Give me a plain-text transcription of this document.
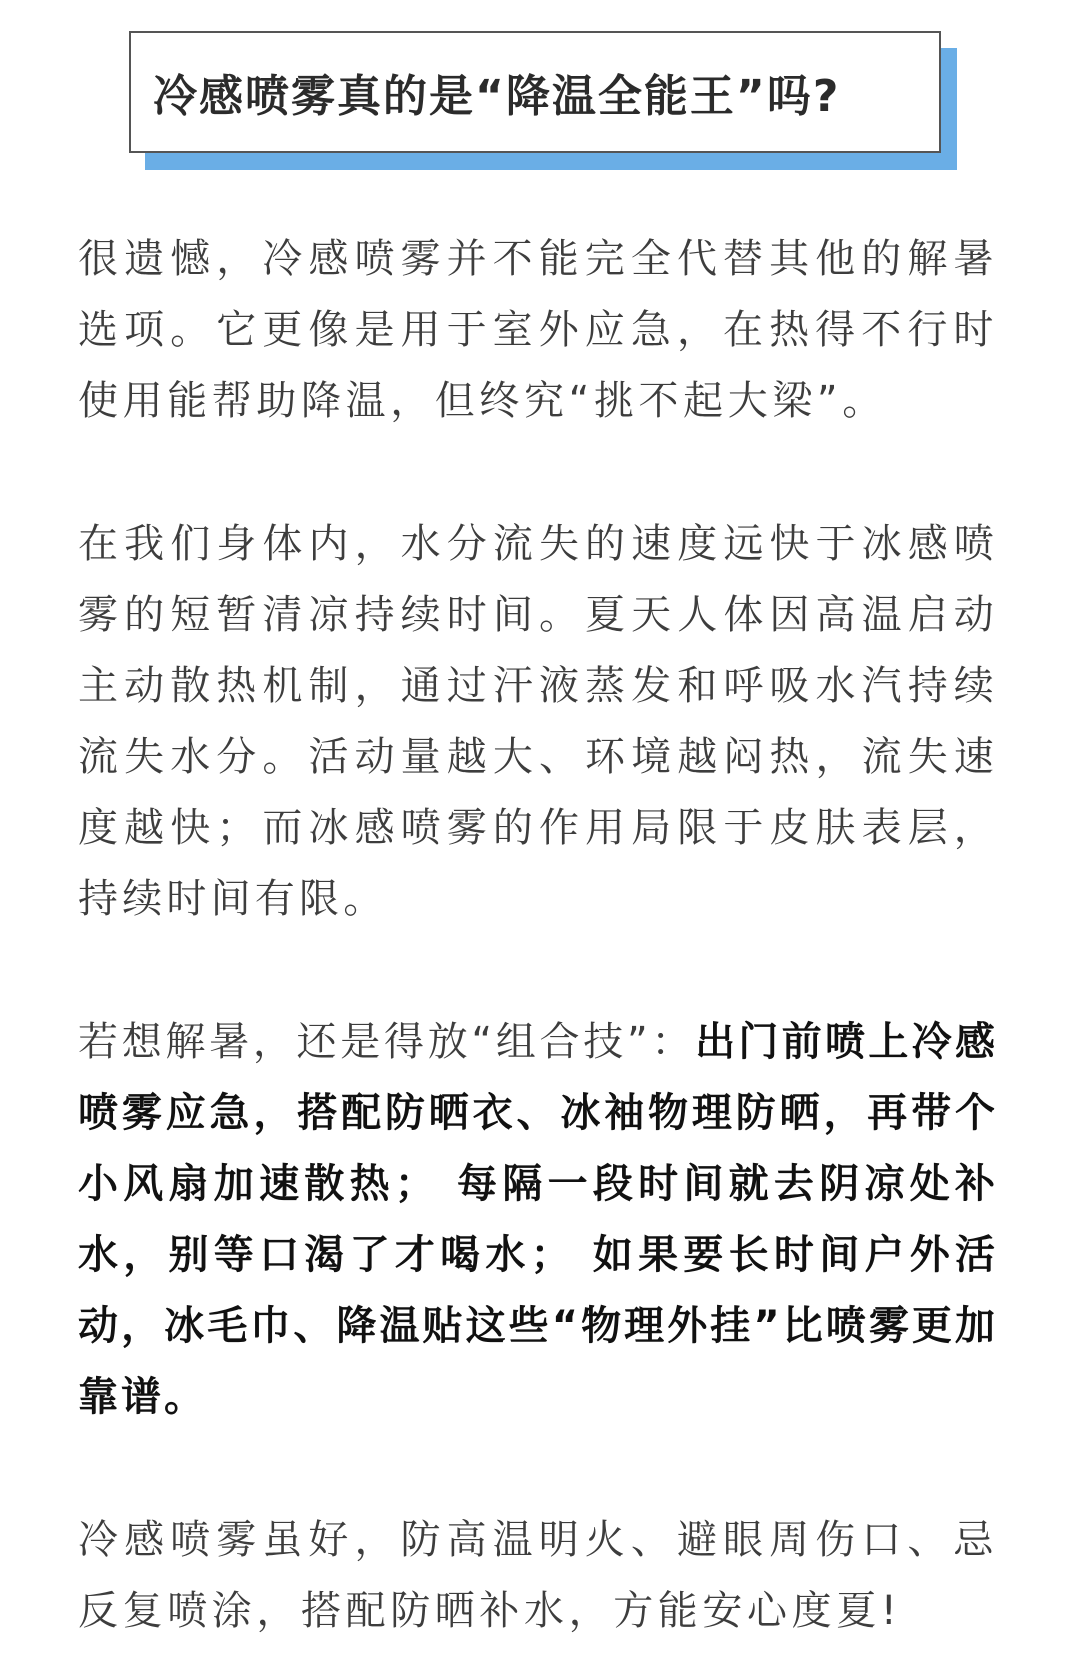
冷感喷雾真的是“降温全能王”吗?

很遗憾，冷感喷雾并不能完全代替其他的解暑选项。它更像是用于室外应急，在热得不行时使用能帮助降温，但终究“挑不起大梁”。

在我们身体内，水分流失的速度远快于冰感喷雾的短暂清凉持续时间。夏天人体因高温启动主动散热机制，通过汗液蒸发和呼吸水汽持续流失水分。活动量越大、环境越闷热，流失速度越快；而冰感喷雾的作用局限于皮肤表层，持续时间有限。

若想解暑，还是得放“组合技”：出门前喷上冷感喷雾应急，搭配防晒衣、冰袖物理防晒，再带个小风扇加速散热； 每隔一段时间就去阴凉处补水，别等口渴了才喝水； 如果要长时间户外活动，冰毛巾、降温贴这些“物理外挂”比喷雾更加靠谱。

冷感喷雾虽好，防高温明火、避眼周伤口、忌反复喷涂，搭配防晒补水，方能安心度夏!
